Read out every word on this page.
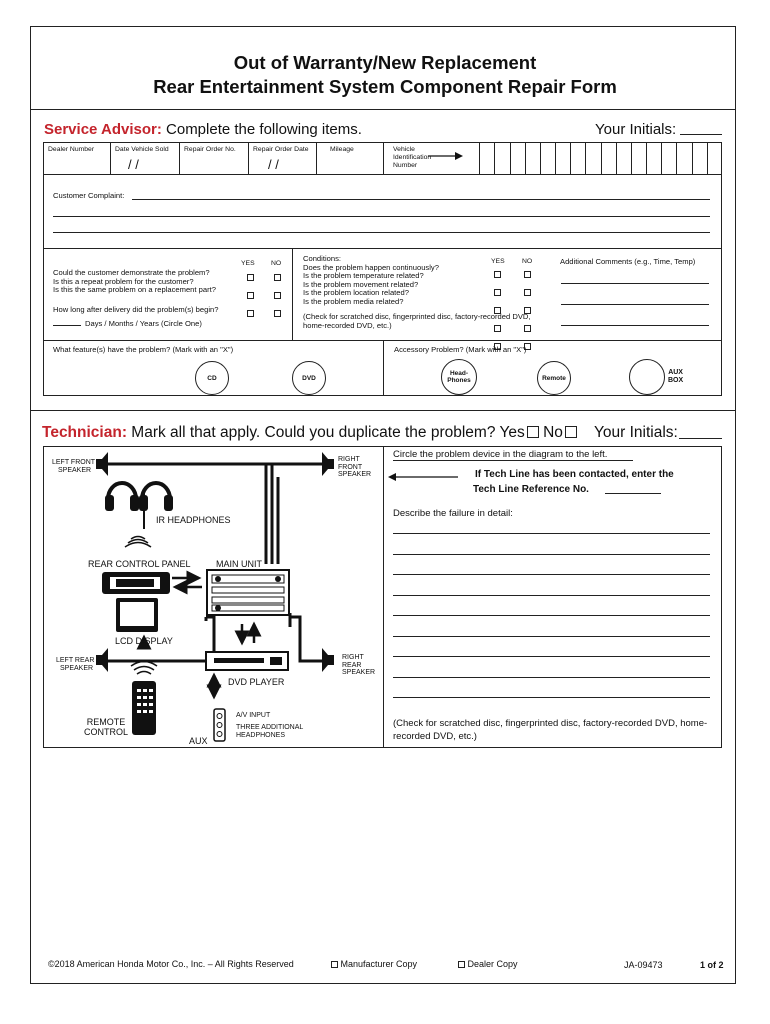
Out of Warranty/New Replacement
Rear Entertainment System Component Repair Form
Service Advisor: Complete the following items.	Your Initials:
Dealer Number	Date Vehicle Sold
/ /
Repair Order No.	Repair Order Date
/ /
Mileage	Vehicle
Identification
Number
Customer Complaint:
YES NO
Could the customer demonstrate the problem?
Is this a repeat problem for the customer?
Is this the same problem on a replacement part?
How long after delivery did the problem(s) begin?
Days / Months / Years (Circle One)
Conditions:
Does the problem happen continuously?
Is the problem temperature related?
Is the problem movement related?
Is the problem location related?
Is the problem media related?
(Check for scratched disc, fingerprinted disc, factory-recorded DVD, home-recorded DVD, etc.)
YES	NO	Additional Comments (e.g., Time, Temp)
What feature(s) have the problem? (Mark with an "X")
CD	DVD
Accessory Problem? (Mark with an "X")
Head-
Phones	Remote
AUX
BOX
Technician: Mark all that apply. Could you duplicate the problem? Yes No	Your Initials:
LEFT FRONT
SPEAKER
RIGHT
FRONT
SPEAKER
IR HEADPHONES
REAR CONTROL PANEL	MAIN UNIT
LCD DISPLAY
LEFT REAR
SPEAKER
RIGHT
REAR
SPEAKER
DVD PLAYER
REMOTE
CONTROL
A/V INPUT
THREE ADDITIONAL
HEADPHONES
AUX
Circle the problem device in the diagram to the left.
If Tech Line has been contacted, enter the
Tech Line Reference No.
Describe the failure in detail:
(Check for scratched disc, fingerprinted disc, factory-recorded DVD, home-recorded DVD, etc.)
©2018 American Honda Motor Co., Inc. – All Rights Reserved	Manufacturer Copy	Dealer Copy	JA-09473	1 of 2
